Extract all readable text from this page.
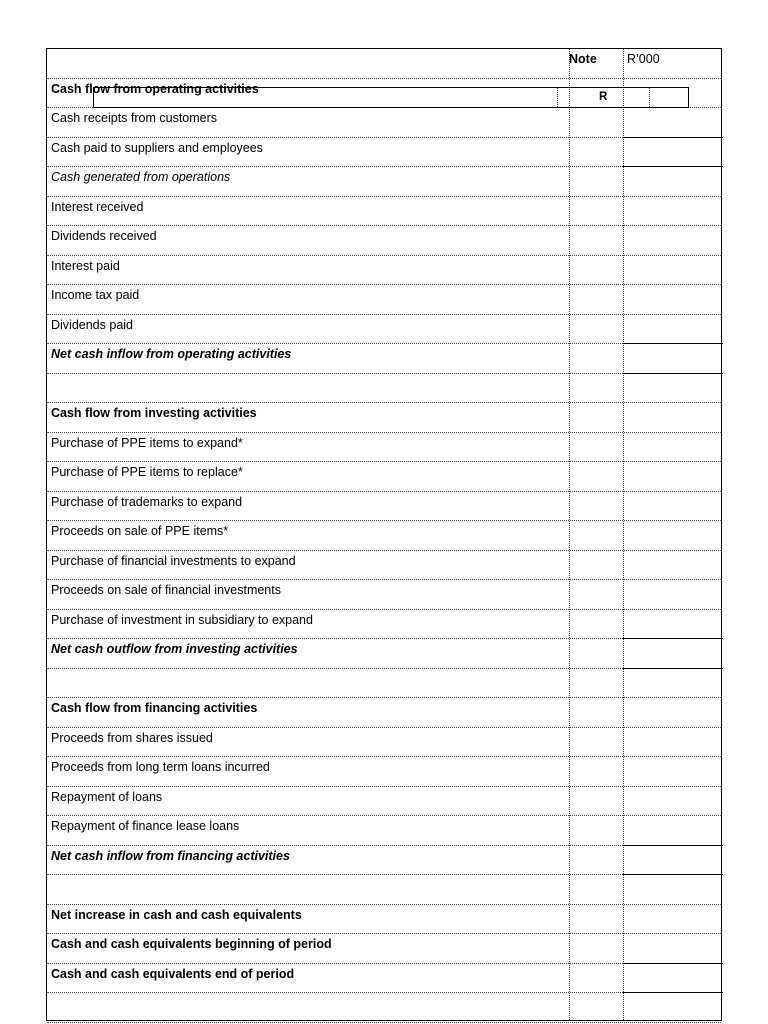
Note	R’000
Cash flow from operating activities
Cash receipts from customers
Cash paid to suppliers and employees
Cash generated from operations
Interest received
Dividends received
Interest paid
Income tax paid
Dividends paid
Net cash inflow from operating activities
Cash flow from investing activities
Purchase of PPE items to expand*
Purchase of PPE items to replace*
Purchase of trademarks to expand
Proceeds on sale of PPE items*
Purchase of financial investments to expand
Proceeds on sale of financial investments
Purchase of investment in subsidiary to expand
Net cash outflow from investing activities
Cash flow from financing activities
Proceeds from shares issued
Proceeds from long term loans incurred
Repayment of loans
Repayment of finance lease loans
Net cash inflow from financing activities
Net increase in cash and cash equivalents
Cash and cash equivalents beginning of period
Cash and cash equivalents end of period
R
